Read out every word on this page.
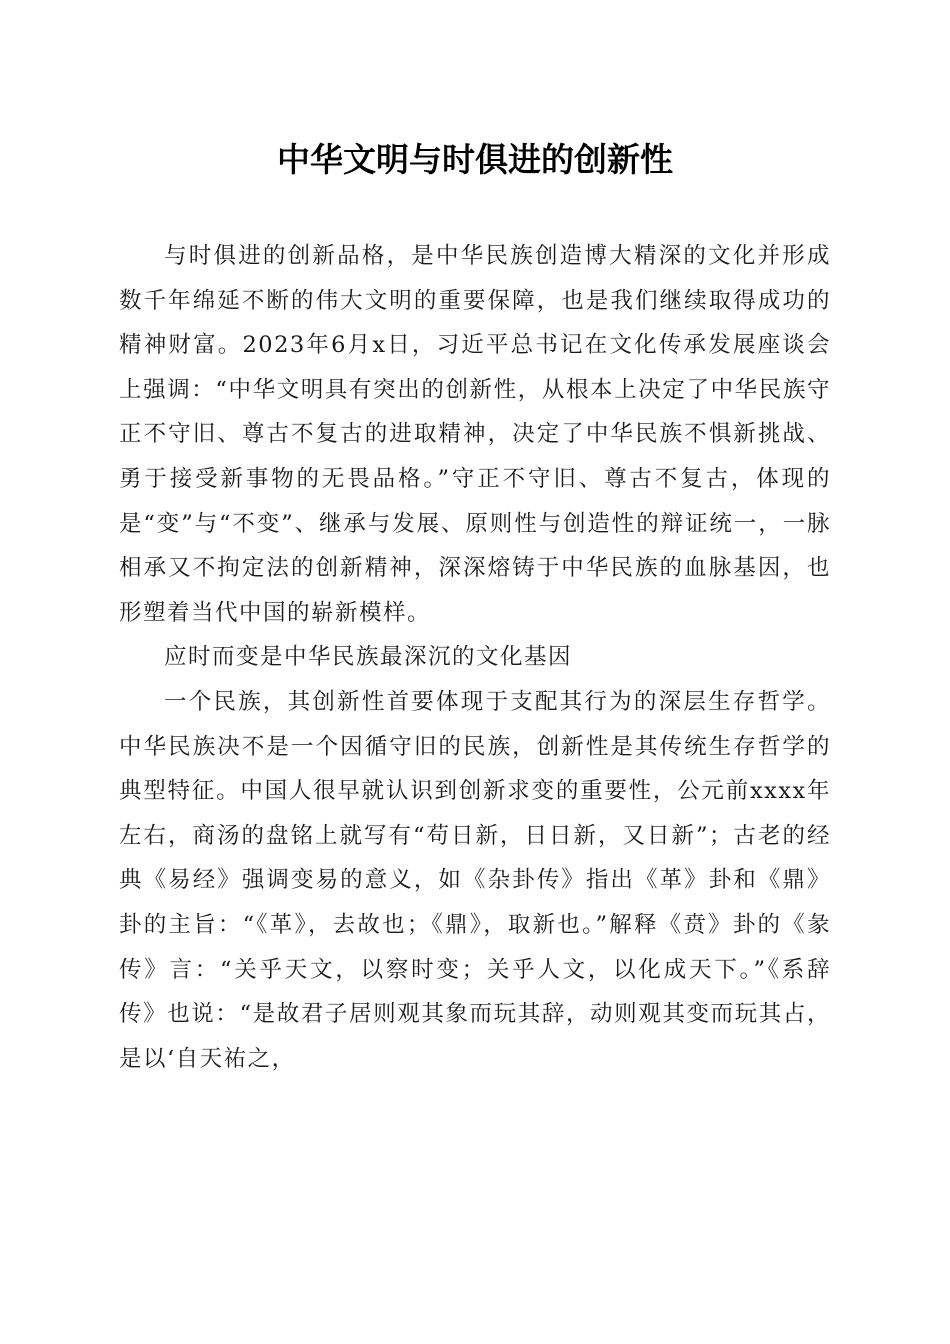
中华文明与时俱进的创新性

与时俱进的创新品格，是中华民族创造博大精深的文化并形成数千年绵延不断的伟大文明的重要保障，也是我们继续取得成功的精神财富。2023年6月x日，习近平总书记在文化传承发展座谈会上强调：“中华文明具有突出的创新性，从根本上决定了中华民族守正不守旧、尊古不复古的进取精神，决定了中华民族不惧新挑战、勇于接受新事物的无畏品格。”守正不守旧、尊古不复古，体现的是“变”与“不变”、继承与发展、原则性与创造性的辩证统一，一脉相承又不拘定法的创新精神，深深熔铸于中华民族的血脉基因，也形塑着当代中国的崭新模样。

应时而变是中华民族最深沉的文化基因

一个民族，其创新性首要体现于支配其行为的深层生存哲学。中华民族决不是一个因循守旧的民族，创新性是其传统生存哲学的典型特征。中国人很早就认识到创新求变的重要性，公元前xxxx年左右，商汤的盘铭上就写有“苟日新，日日新，又日新”；古老的经典《易经》强调变易的意义，如《杂卦传》指出《革》卦和《鼎》卦的主旨：“《革》，去故也；《鼎》，取新也。”解释《贲》卦的《彖传》言：“关乎天文，以察时变；关乎人文，以化成天下。”《系辞传》也说：“是故君子居则观其象而玩其辞，动则观其变而玩其占，是以‘自天祐之，
